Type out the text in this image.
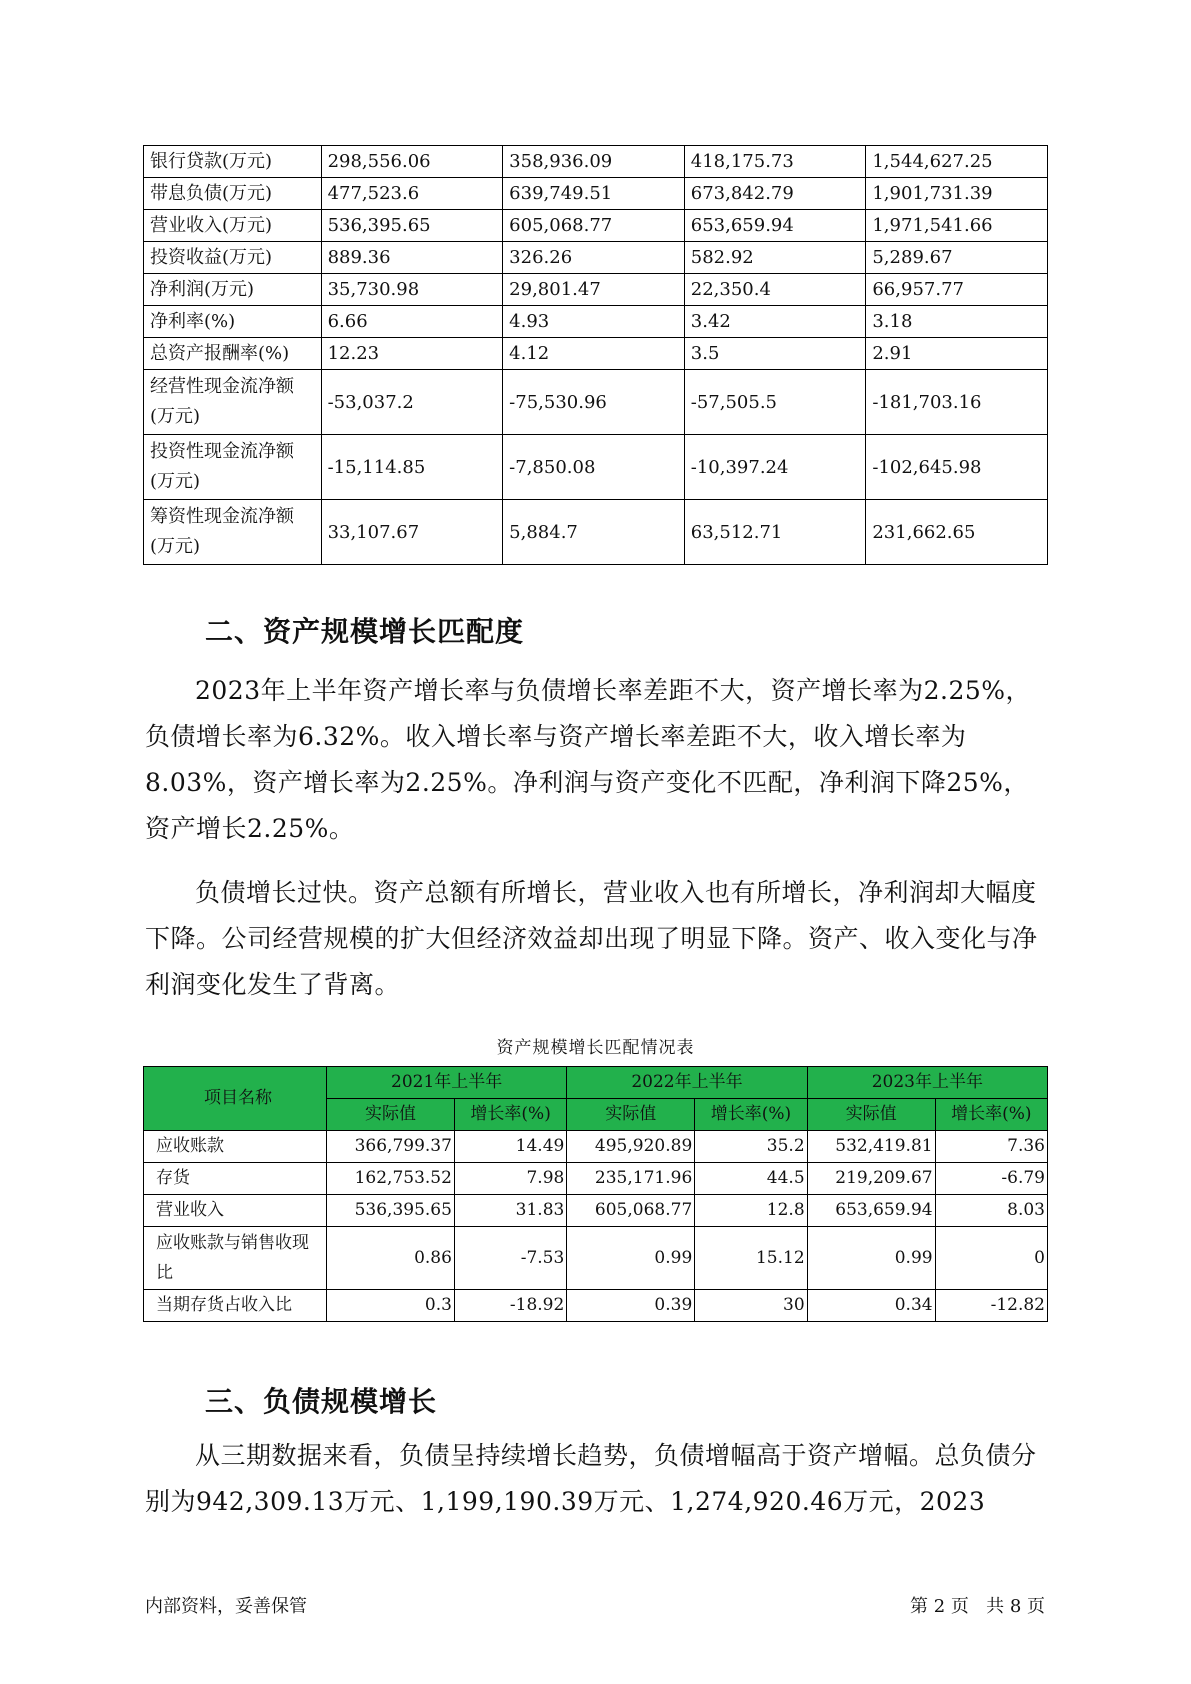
银行贷款(万元)	298,556.06	358,936.09	418,175.73	1,544,627.25
带息负债(万元)	477,523.6	639,749.51	673,842.79	1,901,731.39
营业收入(万元)	536,395.65	605,068.77	653,659.94	1,971,541.66
投资收益(万元)	889.36	326.26	582.92	5,289.67
净利润(万元)	35,730.98	29,801.47	22,350.4	66,957.77
净利率(%)	6.66	4.93	3.42	3.18
总资产报酬率(%)	12.23	4.12	3.5	2.91
经营性现金流净额(万元)	-53,037.2	-75,530.96	-57,505.5	-181,703.16
投资性现金流净额(万元)	-15,114.85	-7,850.08	-10,397.24	-102,645.98
筹资性现金流净额(万元)	33,107.67	5,884.7	63,512.71	231,662.65
二、资产规模增长匹配度

2023年上半年资产增长率与负债增长率差距不大，资产增长率为2.25%，负债增长率为6.32%。收入增长率与资产增长率差距不大，收入增长率为8.03%，资产增长率为2.25%。净利润与资产变化不匹配，净利润下降25%，资产增长2.25%。

负债增长过快。资产总额有所增长，营业收入也有所增长，净利润却大幅度下降。公司经营规模的扩大但经济效益却出现了明显下降。资产、收入变化与净利润变化发生了背离。

资产规模增长匹配情况表
项目名称	2021年上半年		2022年上半年		2023年上半年	
	实际值	增长率(%)	实际值	增长率(%)	实际值	增长率(%)
应收账款	366,799.37	14.49	495,920.89	35.2	532,419.81	7.36
存货	162,753.52	7.98	235,171.96	44.5	219,209.67	-6.79
营业收入	536,395.65	31.83	605,068.77	12.8	653,659.94	8.03
应收账款与销售收现比	0.86	-7.53	0.99	15.12	0.99	0
当期存货占收入比	0.3	-18.92	0.39	30	0.34	-12.82
三、负债规模增长

从三期数据来看，负债呈持续增长趋势，负债增幅高于资产增幅。总负债分别为942,309.13万元、1,199,190.39万元、1,274,920.46万元，2023

内部资料，妥善保管	第 2 页   共 8 页
